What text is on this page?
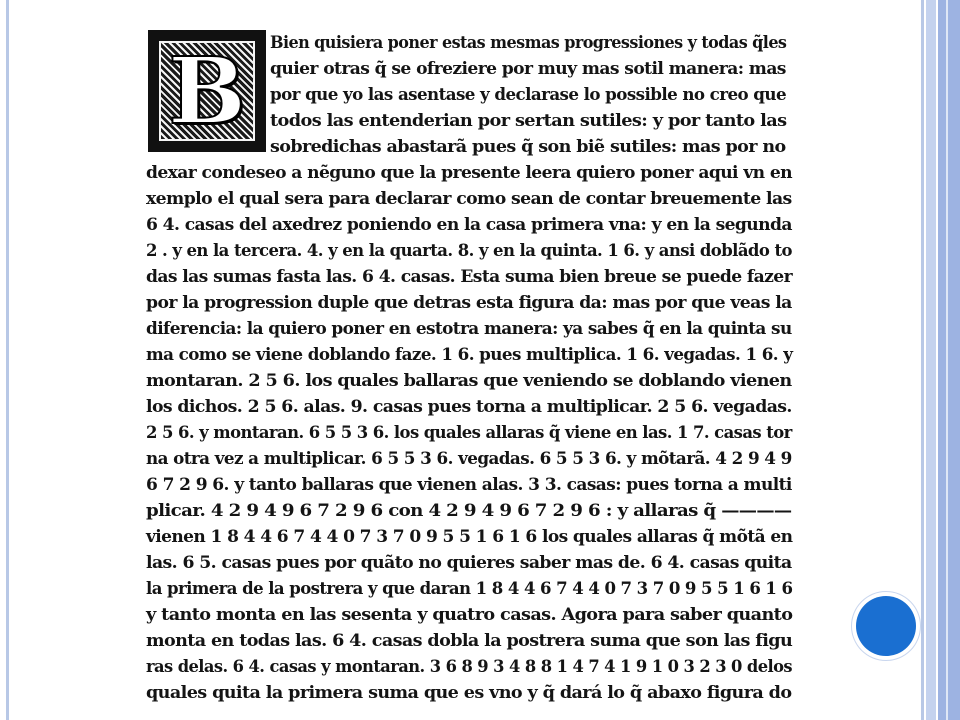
Bien quisiera poner estas mesmas progressiones y todas q̃les
quier otras q̃ se ofreziere por muy mas sotil manera: mas
por que yo las asentase y declarase lo possible no creo que
todos las entenderian por sertan sutiles: y por tanto las
sobredichas abastarã pues q̃ son biẽ sutiles: mas por no
dexar condeseo a nẽguno que la presente leera quiero poner aqui vn en
xemplo el qual sera para declarar como sean de contar breuemente las
6 4. casas del axedrez poniendo en la casa primera vna: y en la segunda
2 . y en la tercera. 4. y en la quarta. 8. y en la quinta. 1 6. y ansi doblãdo to
das las sumas fasta las. 6 4. casas. Esta suma bien breue se puede fazer
por la progression duple que detras esta figura da: mas por que veas la
diferencia: la quiero poner en estotra manera: ya sabes q̃ en la quinta su
ma como se viene doblando faze. 1 6. pues multiplica. 1 6. vegadas. 1 6. y
montaran. 2 5 6. los quales ballaras que veniendo se doblando vienen
los dichos. 2 5 6. alas. 9. casas pues torna a multiplicar. 2 5 6. vegadas.
2 5 6. y montaran. 6 5 5 3 6. los quales allaras q̃ viene en las. 1 7. casas tor
na otra vez a multiplicar. 6 5 5 3 6. vegadas. 6 5 5 3 6. y mõtarã. 4 2 9 4 9
6 7 2 9 6. y tanto ballaras que vienen alas. 3 3. casas: pues torna a multi
plicar. 4 2 9 4 9 6 7 2 9 6 con 4 2 9 4 9 6 7 2 9 6 : y allaras q̃ ————
vienen 1 8 4 4 6 7 4 4 0 7 3 7 0 9 5 5 1 6 1 6 los quales allaras q̃ mõtã en
las. 6 5. casas pues por quãto no quieres saber mas de. 6 4. casas quita
la primera de la postrera y que daran 1 8 4 4 6 7 4 4 0 7 3 7 0 9 5 5 1 6 1 6
y tanto monta en las sesenta y quatro casas. Agora para saber quanto
monta en todas las. 6 4. casas dobla la postrera suma que son las figu
ras delas. 6 4. casas y montaran. 3 6 8 9 3 4 8 8 1 4 7 4 1 9 1 0 3 2 3 0 delos
quales quita la primera suma que es vno y q̃ dará lo q̃ abaxo figura do
B
